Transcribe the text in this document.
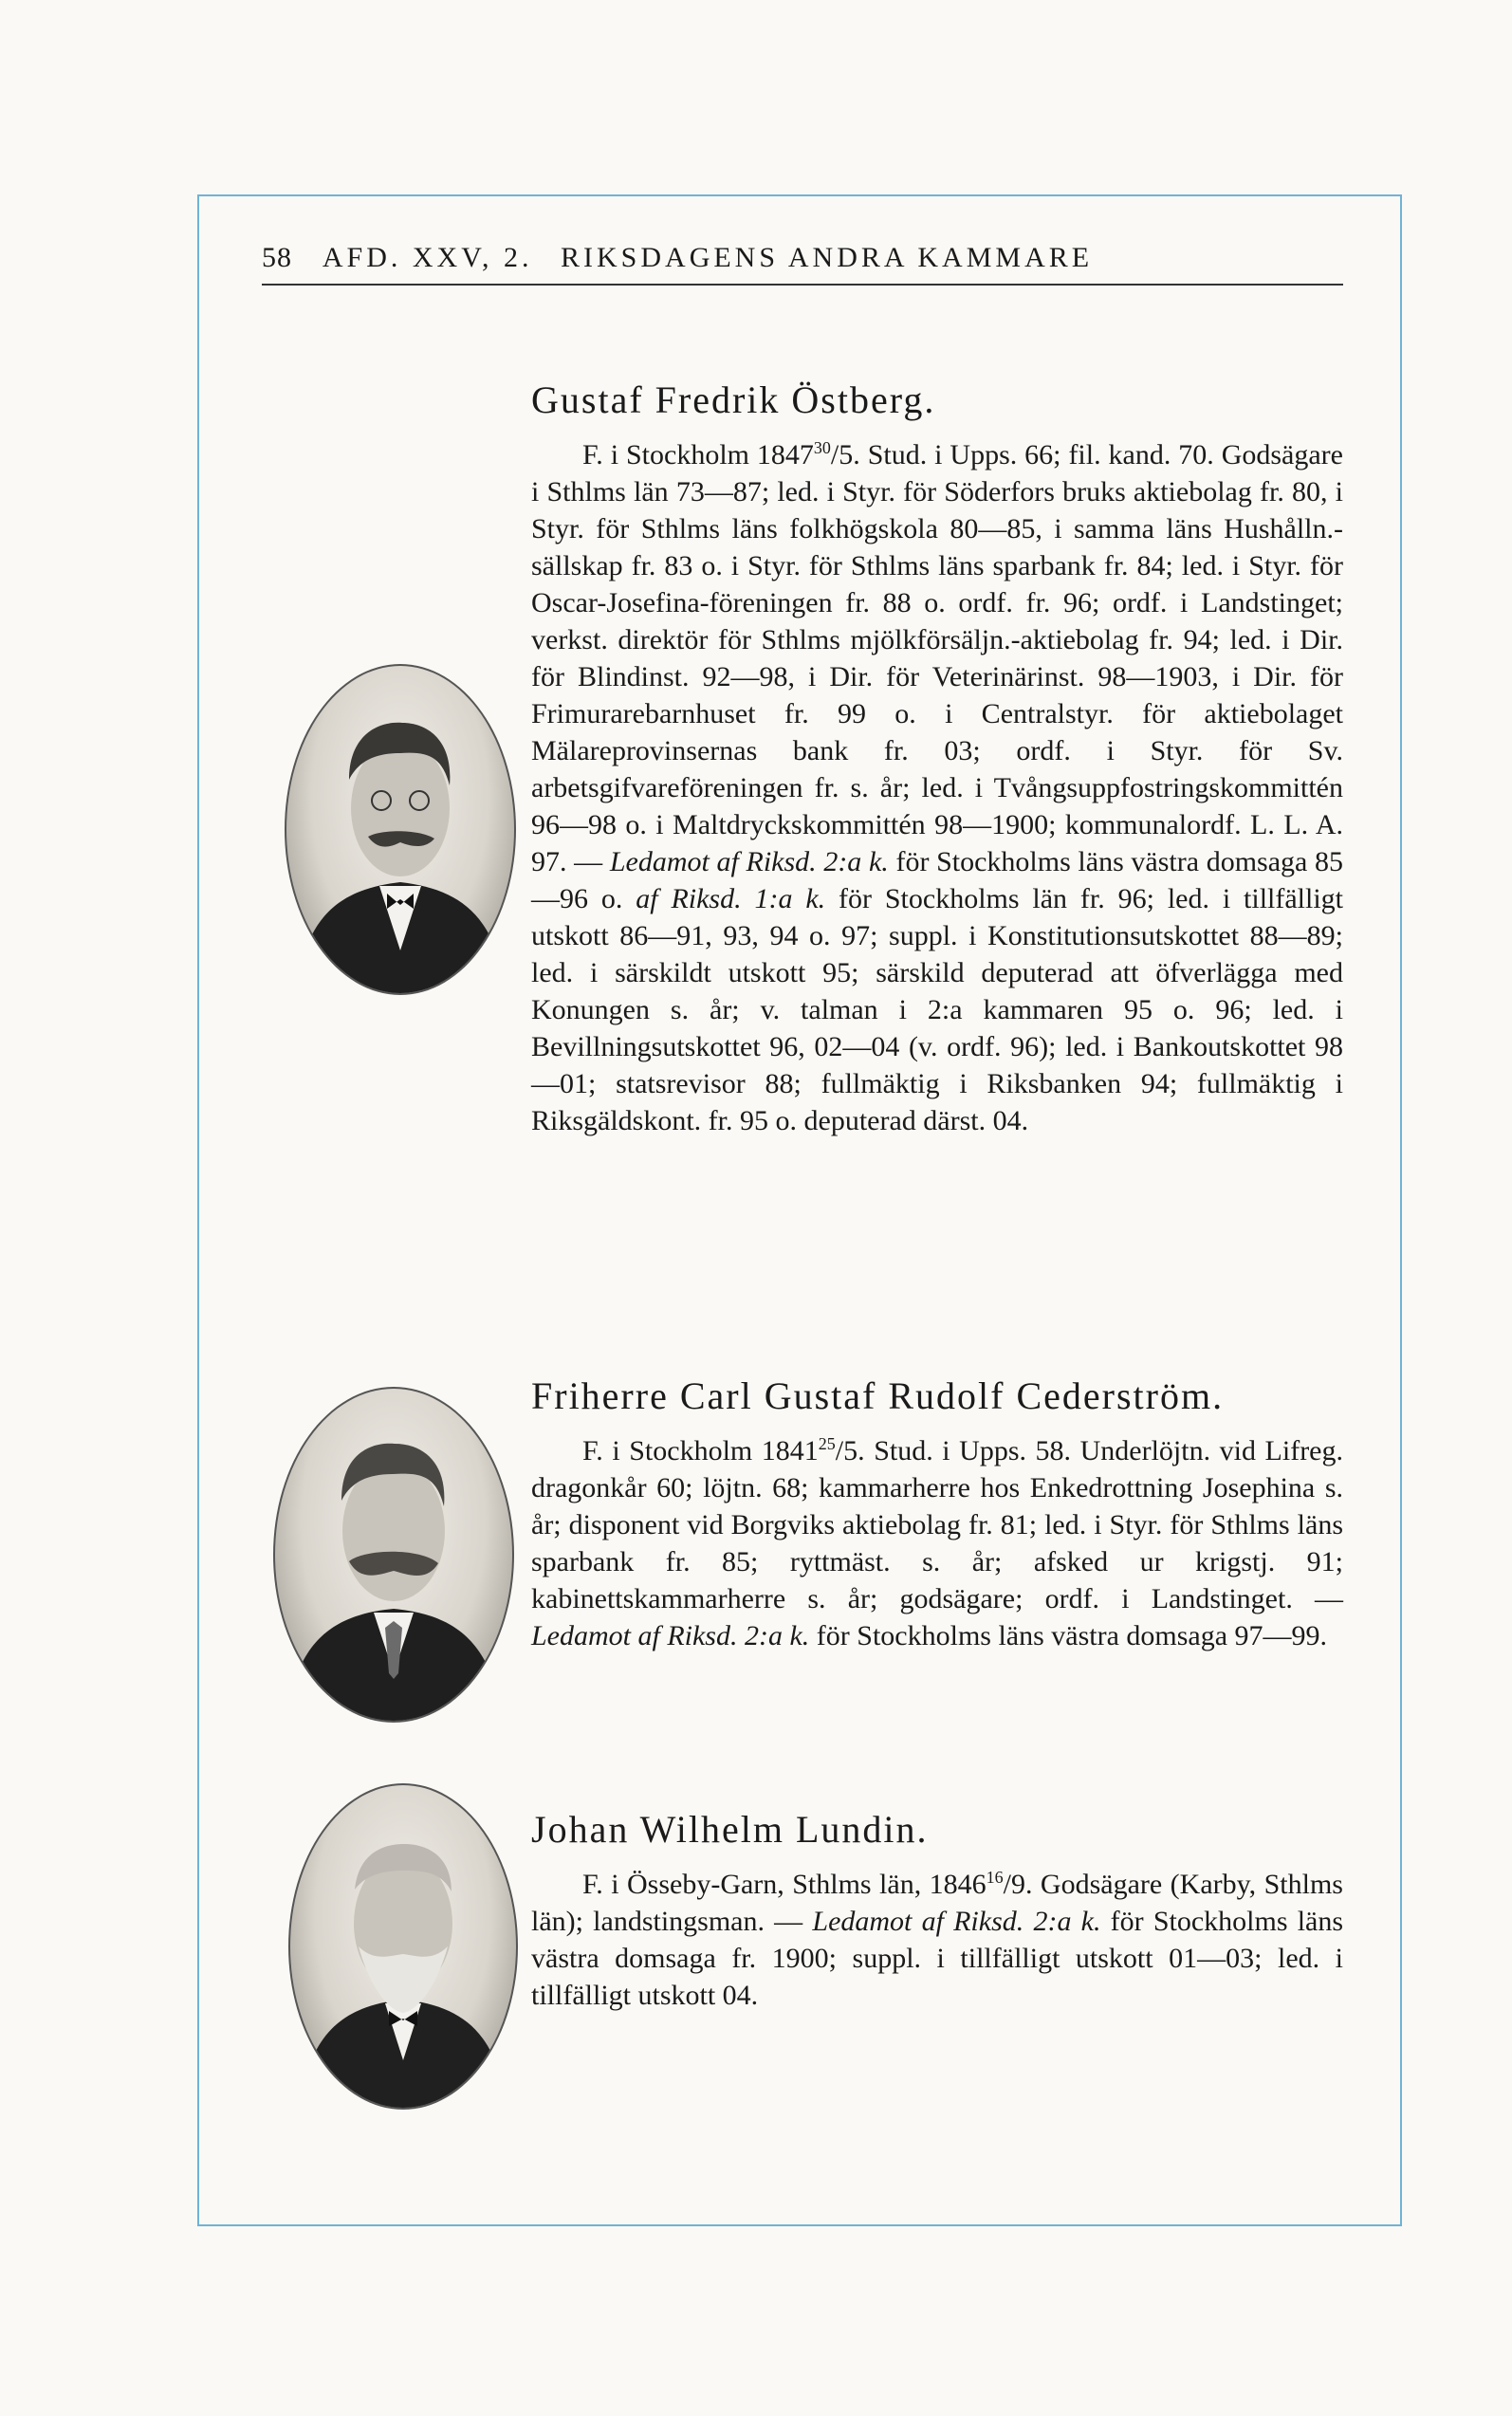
58 AFD. XXV, 2. RIKSDAGENS ANDRA KAMMARE
Gustaf Fredrik Östberg.

F. i Stockholm 1847$^{30}$/5. Stud. i Upps. 66; fil. kand. 70. Godsägare i Sthlms län 73—87; led. i Styr. för Söderfors bruks aktiebolag fr. 80, i Styr. för Sthlms läns folkhögskola 80—85, i samma läns Hushålln.-sällskap fr. 83 o. i Styr. för Sthlms läns sparbank fr. 84; led. i Styr. för Oscar-Josefina-föreningen fr. 88 o. ordf. fr. 96; ordf. i Landstinget; verkst. direktör för Sthlms mjölkförsäljn.-aktiebolag fr. 94; led. i Dir. för Blindinst. 92—98, i Dir. för Veterinärinst. 98—1903, i Dir. för Frimurarebarnhuset fr. 99 o. i Centralstyr. för aktiebolaget Mälareprovinsernas bank fr. 03; ordf. i Styr. för Sv. arbetsgifvareföreningen fr. s. år; led. i Tvångsuppfostringskommittén 96—98 o. i Maltdryckskommittén 98—1900; kommunalordf. L. L. A. 97. — Ledamot af Riksd. 2:a k. för Stockholms läns västra domsaga 85—96 o. af Riksd. 1:a k. för Stockholms län fr. 96; led. i tillfälligt utskott 86—91, 93, 94 o. 97; suppl. i Konstitutionsutskottet 88—89; led. i särskildt utskott 95; särskild deputerad att öfverlägga med Konungen s. år; v. talman i 2:a kammaren 95 o. 96; led. i Bevillningsutskottet 96, 02—04 (v. ordf. 96); led. i Bankoutskottet 98—01; statsrevisor 88; fullmäktig i Riksbanken 94; fullmäktig i Riksgäldskont. fr. 95 o. deputerad därst. 04.

Friherre Carl Gustaf Rudolf Cederström.

F. i Stockholm 1841$^{25}$/5. Stud. i Upps. 58. Underlöjtn. vid Lifreg. dragonkår 60; löjtn. 68; kammarherre hos Enkedrottning Josephina s. år; disponent vid Borgviks aktiebolag fr. 81; led. i Styr. för Sthlms läns sparbank fr. 85; ryttmäst. s. år; afsked ur krigstj. 91; kabinettskammarherre s. år; godsägare; ordf. i Landstinget. — Ledamot af Riksd. 2:a k. för Stockholms läns västra domsaga 97—99.

Johan Wilhelm Lundin.

F. i Össeby-Garn, Sthlms län, 1846$^{16}$/9. Godsägare (Karby, Sthlms län); landstingsman. — Ledamot af Riksd. 2:a k. för Stockholms läns västra domsaga fr. 1900; suppl. i tillfälligt utskott 01—03; led. i tillfälligt utskott 04.
